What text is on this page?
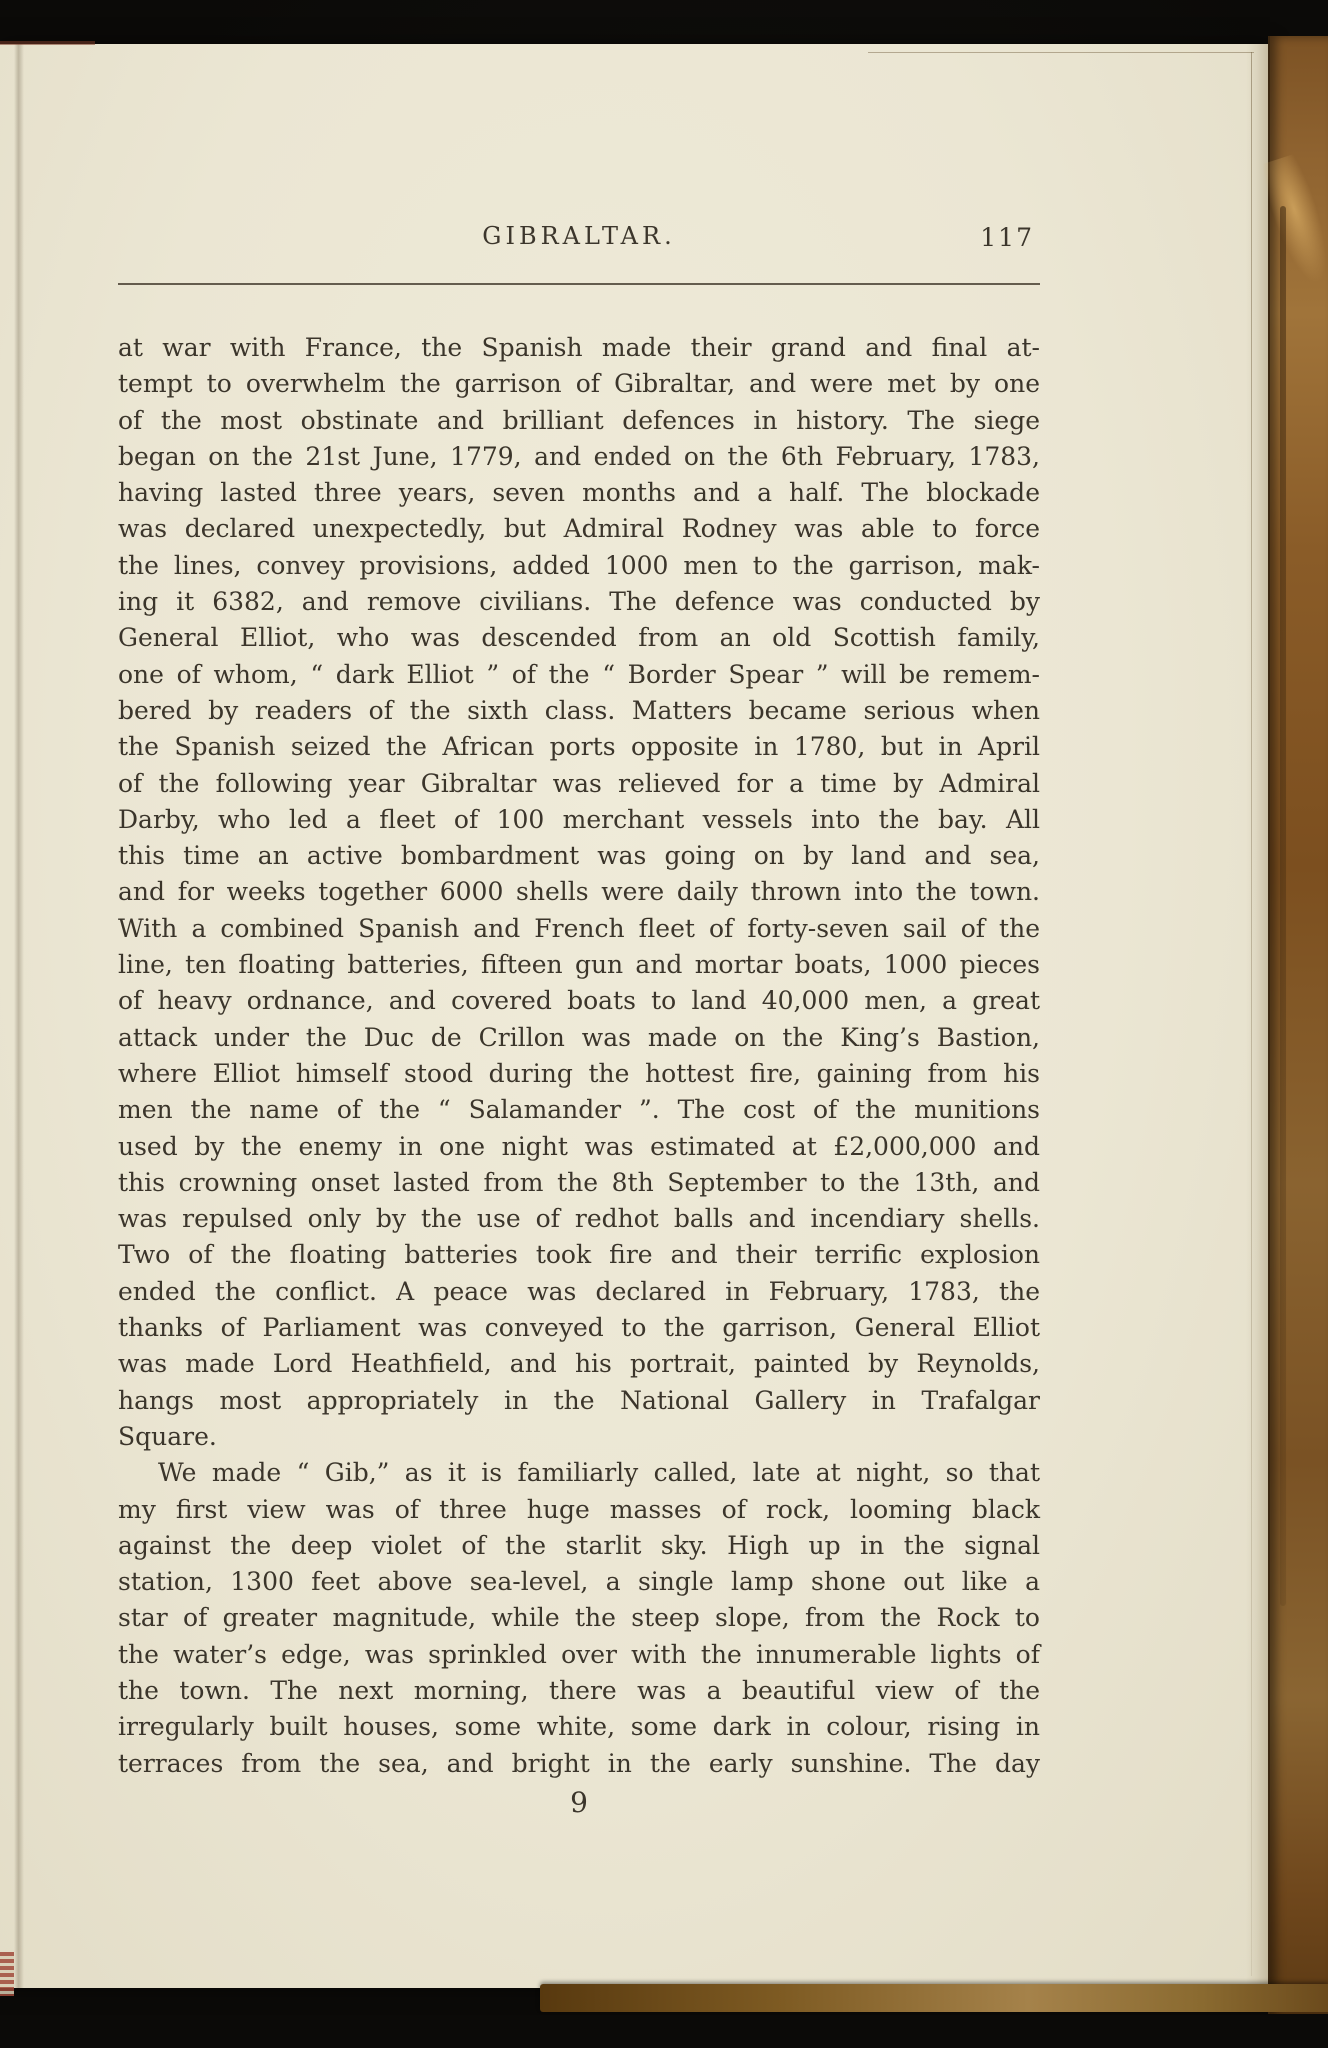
GIBRALTAR.	117
at war with France, the Spanish made their grand and final at-
tempt to overwhelm the garrison of Gibraltar, and were met by one
of the most obstinate and brilliant defences in history. The siege
began on the 21st June, 1779, and ended on the 6th February, 1783,
having lasted three years, seven months and a half. The blockade
was declared unexpectedly, but Admiral Rodney was able to force
the lines, convey provisions, added 1000 men to the garrison, mak-
ing it 6382, and remove civilians. The defence was conducted by
General Elliot, who was descended from an old Scottish family,
one of whom, “ dark Elliot ” of the “ Border Spear ” will be remem-
bered by readers of the sixth class. Matters became serious when
the Spanish seized the African ports opposite in 1780, but in April
of the following year Gibraltar was relieved for a time by Admiral
Darby, who led a fleet of 100 merchant vessels into the bay. All
this time an active bombardment was going on by land and sea,
and for weeks together 6000 shells were daily thrown into the town.
With a combined Spanish and French fleet of forty-seven sail of the
line, ten floating batteries, fifteen gun and mortar boats, 1000 pieces
of heavy ordnance, and covered boats to land 40,000 men, a great
attack under the Duc de Crillon was made on the King’s Bastion,
where Elliot himself stood during the hottest fire, gaining from his
men the name of the “ Salamander ”. The cost of the munitions
used by the enemy in one night was estimated at £2,000,000 and
this crowning onset lasted from the 8th September to the 13th, and
was repulsed only by the use of redhot balls and incendiary shells.
Two of the floating batteries took fire and their terrific explosion
ended the conflict. A peace was declared in February, 1783, the
thanks of Parliament was conveyed to the garrison, General Elliot
was made Lord Heathfield, and his portrait, painted by Reynolds,
hangs most appropriately in the National Gallery in Trafalgar
Square.
We made “ Gib,” as it is familiarly called, late at night, so that
my first view was of three huge masses of rock, looming black
against the deep violet of the starlit sky. High up in the signal
station, 1300 feet above sea-level, a single lamp shone out like a
star of greater magnitude, while the steep slope, from the Rock to
the water’s edge, was sprinkled over with the innumerable lights of
the town. The next morning, there was a beautiful view of the
irregularly built houses, some white, some dark in colour, rising in
terraces from the sea, and bright in the early sunshine. The day
9
